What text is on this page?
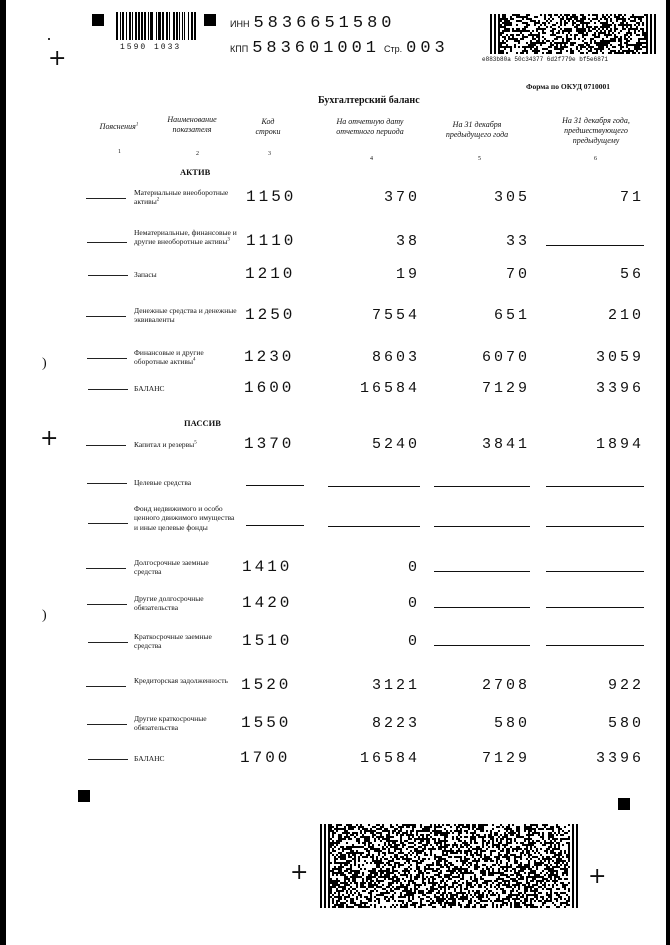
1590 1033
+
ИНН 5836651580
КПП 583601001 Стр. 003
e883b80a 50c34377 6d2f779e bf5e6871
Форма по ОКУД 0710001
Бухгалтерский баланс
Пояснения$^1$
Наименование показателя
Код строки
На отчетную дату отчетного периода
На 31 декабря предыдущего года
На 31 декабря года, предшествующего предыдущему
1	2	3
4	5	6
АКТИВ
ПАССИВ
Материальные внеоборотные активы$^2$	1150	370	305	71
Нематериальные, финансовые и другие внеоборотные активы$^3$	1110	38	33
Запасы	1210	19	70	56
Денежные средства и денежные эквиваленты	1250	7554	651	210
Финансовые и другие оборотные активы$^4$	1230	8603	6070	3059
БАЛАНС	1600	16584	7129	3396
Капитал и резервы$^5$	1370	5240	3841	1894
Целевые средства
Фонд недвижимого и особо ценного движимого имущества и иные целевые фонды
Долгосрочные заемные средства	1410	0
Другие долгосрочные обязательства	1420	0
Краткосрочные заемные средства	1510	0
Кредиторская задолженность 1520	3121	2708	922
Другие краткосрочные обязательства	1550	8223	580	580
БАЛАНС	1700	16584	7129	3396
+
)
)
+	+
